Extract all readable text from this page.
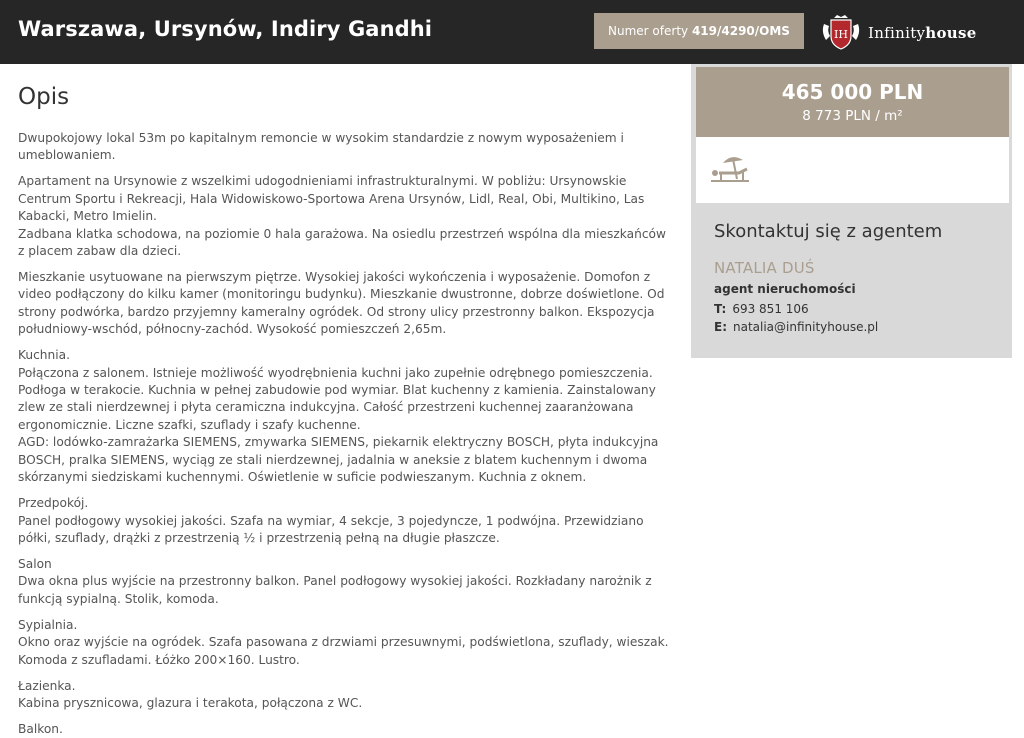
Warszawa, Ursynów, Indiry Gandhi	Numer oferty 419/4290/OMS	IH Infinityhouse
Opis

Dwupokojowy lokal 53m po kapitalnym remoncie w wysokim standardzie z nowym wyposażeniem i umeblowaniem.

Apartament na Ursynowie z wszelkimi udogodnieniami infrastrukturalnymi. W pobliżu: Ursynowskie Centrum Sportu i Rekreacji, Hala Widowiskowo-Sportowa Arena Ursynów, Lidl, Real, Obi, Multikino, Las Kabacki, Metro Imielin.
Zadbana klatka schodowa, na poziomie 0 hala garażowa. Na osiedlu przestrzeń wspólna dla mieszkańców z placem zabaw dla dzieci.

Mieszkanie usytuowane na pierwszym piętrze. Wysokiej jakości wykończenia i wyposażenie. Domofon z video podłączony do kilku kamer (monitoringu budynku). Mieszkanie dwustronne, dobrze doświetlone. Od strony podwórka, bardzo przyjemny kameralny ogródek. Od strony ulicy przestronny balkon. Ekspozycja południowy-wschód, północny-zachód. Wysokość pomieszczeń 2,65m.

Kuchnia.
Połączona z salonem. Istnieje możliwość wyodrębnienia kuchni jako zupełnie odrębnego pomieszczenia.
Podłoga w terakocie. Kuchnia w pełnej zabudowie pod wymiar. Blat kuchenny z kamienia. Zainstalowany zlew ze stali nierdzewnej i płyta ceramiczna indukcyjna. Całość przestrzeni kuchennej zaaranżowana ergonomicznie. Liczne szafki, szuflady i szafy kuchenne.
AGD: lodówko-zamrażarka SIEMENS, zmywarka SIEMENS, piekarnik elektryczny BOSCH, płyta indukcyjna BOSCH, pralka SIEMENS, wyciąg ze stali nierdzewnej, jadalnia w aneksie z blatem kuchennym i dwoma skórzanymi siedziskami kuchennymi. Oświetlenie w suficie podwieszanym. Kuchnia z oknem.

Przedpokój.
Panel podłogowy wysokiej jakości. Szafa na wymiar, 4 sekcje, 3 pojedyncze, 1 podwójna. Przewidziano półki, szuflady, drążki z przestrzenią ½ i przestrzenią pełną na długie płaszcze.

Salon
Dwa okna plus wyjście na przestronny balkon. Panel podłogowy wysokiej jakości. Rozkładany narożnik z funkcją sypialną. Stolik, komoda.

Sypialnia.
Okno oraz wyjście na ogródek. Szafa pasowana z drzwiami przesuwnymi, podświetlona, szuflady, wieszak. Komoda z szufladami. Łóżko 200×160. Lustro.

Łazienka.
Kabina prysznicowa, glazura i terakota, połączona z WC.

Balkon.

465 000 PLN
8 773 PLN / m²
Skontaktuj się z agentem
NATALIA DUŚ
agent nieruchomości
T: 693 851 106
E: natalia@infinityhouse.pl
